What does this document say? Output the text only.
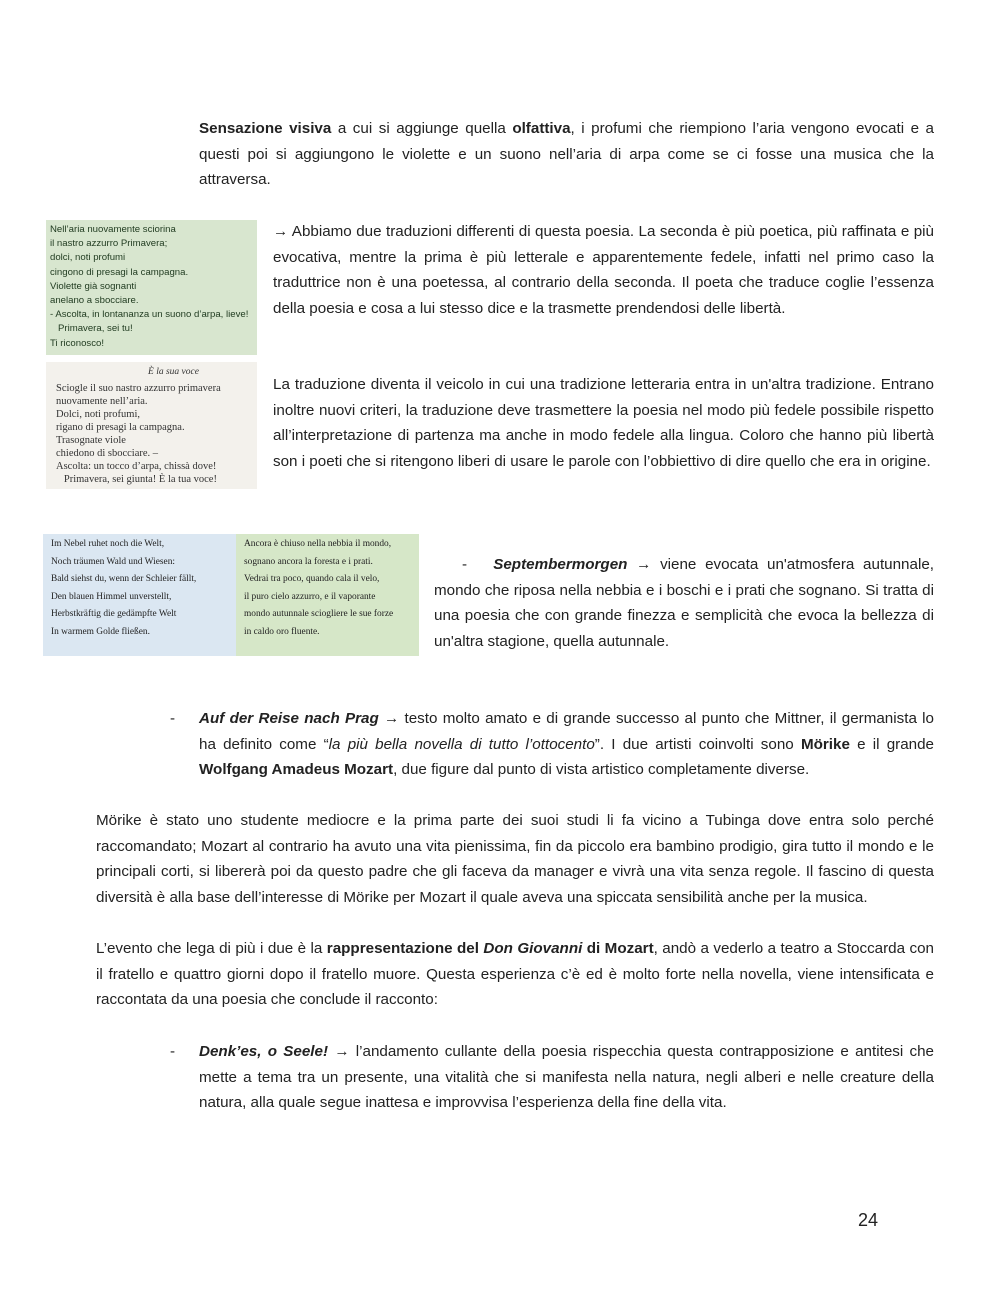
Sensazione visiva a cui si aggiunge quella olfattiva, i profumi che riempiono l’aria vengono evocati e a questi poi si aggiungono le violette e un suono nell’aria di arpa come se ci fosse una musica che la attraversa.
Nell’aria nuovamente sciorina
il nastro azzurro Primavera;
dolci, noti profumi
cingono di presagi la campagna.
Violette già sognanti
anelano a sbocciare.
- Ascolta, in lontananza un suono d’arpa, lieve!
Primavera, sei tu!
Ti riconosco!
È la sua voce
Sciogle il suo nastro azzurro primavera
nuovamente nell’aria.
Dolci, noti profumi,
rigano di presagi la campagna.
Trasognate viole
chiedono di sbocciare. –
Ascolta: un tocco d’arpa, chissà dove!
Primavera, sei giunta! È la tua voce!
→ Abbiamo due traduzioni differenti di questa poesia. La seconda è più poetica, più raffinata e più evocativa, mentre la prima è più letterale e apparentemente fedele, infatti nel primo caso la traduttrice non è una poetessa, al contrario della seconda. Il poeta che traduce coglie l’essenza della poesia e cosa a lui stesso dice e la trasmette prendendosi delle libertà.
La traduzione diventa il veicolo in cui una tradizione letteraria entra in un'altra tradizione. Entrano inoltre nuovi criteri, la traduzione deve trasmettere la poesia nel modo più fedele possibile rispetto all’interpretazione di partenza ma anche in modo fedele alla lingua. Coloro che hanno più libertà son i poeti che si ritengono liberi di usare le parole con l’obbiettivo di dire quello che era in origine.
Im Nebel ruhet noch die Welt,
Noch träumen Wald und Wiesen:
Bald siehst du, wenn der Schleier fällt,
Den blauen Himmel unverstellt,
Herbstkräftig die gedämpfte Welt
In warmem Golde fließen.
Ancora è chiuso nella nebbia il mondo,
sognano ancora la foresta e i prati.
Vedrai tra poco, quando cala il velo,
il puro cielo azzurro, e il vaporante
mondo autunnale sciogliere le sue forze
in caldo oro fluente.
- Septembermorgen → viene evocata un'atmosfera autunnale, mondo che riposa nella nebbia e i boschi e i prati che sognano. Si tratta di una poesia che con grande finezza e semplicità che evoca la bellezza di un'altra stagione, quella autunnale.
- Auf der Reise nach Prag → testo molto amato e di grande successo al punto che Mittner, il germanista lo ha definito come “la più bella novella di tutto l’ottocento”. I due artisti coinvolti sono Mörike e il grande Wolfgang Amadeus Mozart, due figure dal punto di vista artistico completamente diverse.
Mörike è stato uno studente mediocre e la prima parte dei suoi studi li fa vicino a Tubinga dove entra solo perché raccomandato; Mozart al contrario ha avuto una vita pienissima, fin da piccolo era bambino prodigio, gira tutto il mondo e le principali corti, si libererà poi da questo padre che gli faceva da manager e vivrà una vita senza regole. Il fascino di questa diversità è alla base dell’interesse di Mörike per Mozart il quale aveva una spiccata sensibilità anche per la musica.
L’evento che lega di più i due è la rappresentazione del Don Giovanni di Mozart, andò a vederlo a teatro a Stoccarda con il fratello e quattro giorni dopo il fratello muore. Questa esperienza c’è ed è molto forte nella novella, viene intensificata e raccontata da una poesia che conclude il racconto:
- Denk’es, o Seele! → l’andamento cullante della poesia rispecchia questa contrapposizione e antitesi che mette a tema tra un presente, una vitalità che si manifesta nella natura, negli alberi e nelle creature della natura, alla quale segue inattesa e improvvisa l’esperienza della fine della vita.
24
